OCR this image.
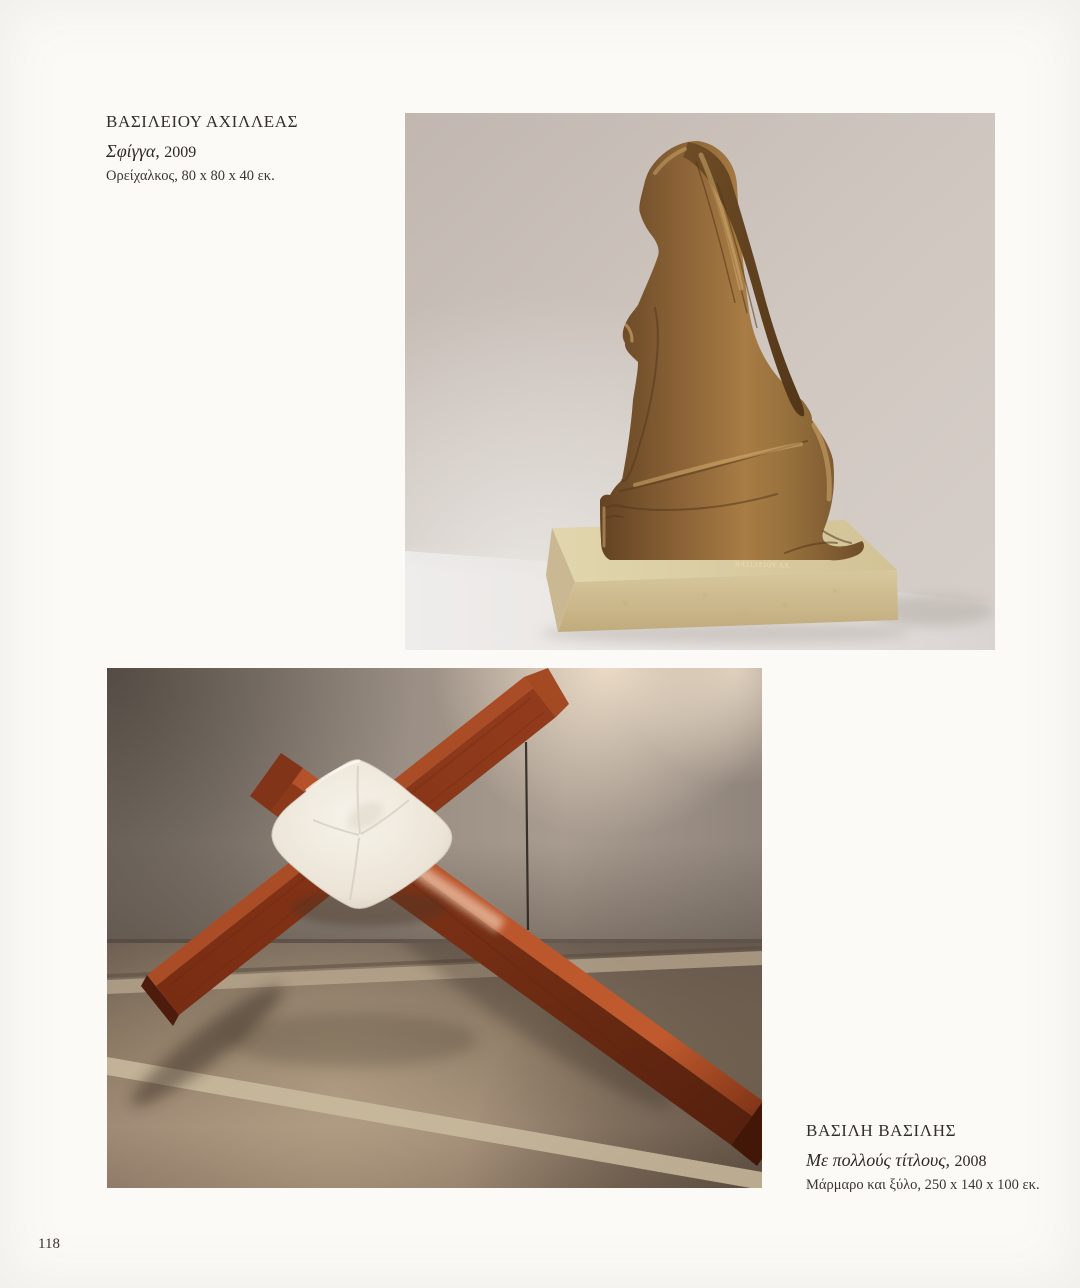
ΒΑΣΙΛΕΙΟΥ ΑΧΙΛΛΕΑΣ
Σφίγγα, 2009
Ορείχαλκος, 80 x 80 x 40 εκ.
ΒΑΣΙΛΕΙΟΥ ΑΧ
ΒΑΣΙΛΗ ΒΑΣΙΛΗΣ
Με πολλούς τίτλους, 2008
Μάρμαρο και ξύλο, 250 x 140 x 100 εκ.
118
